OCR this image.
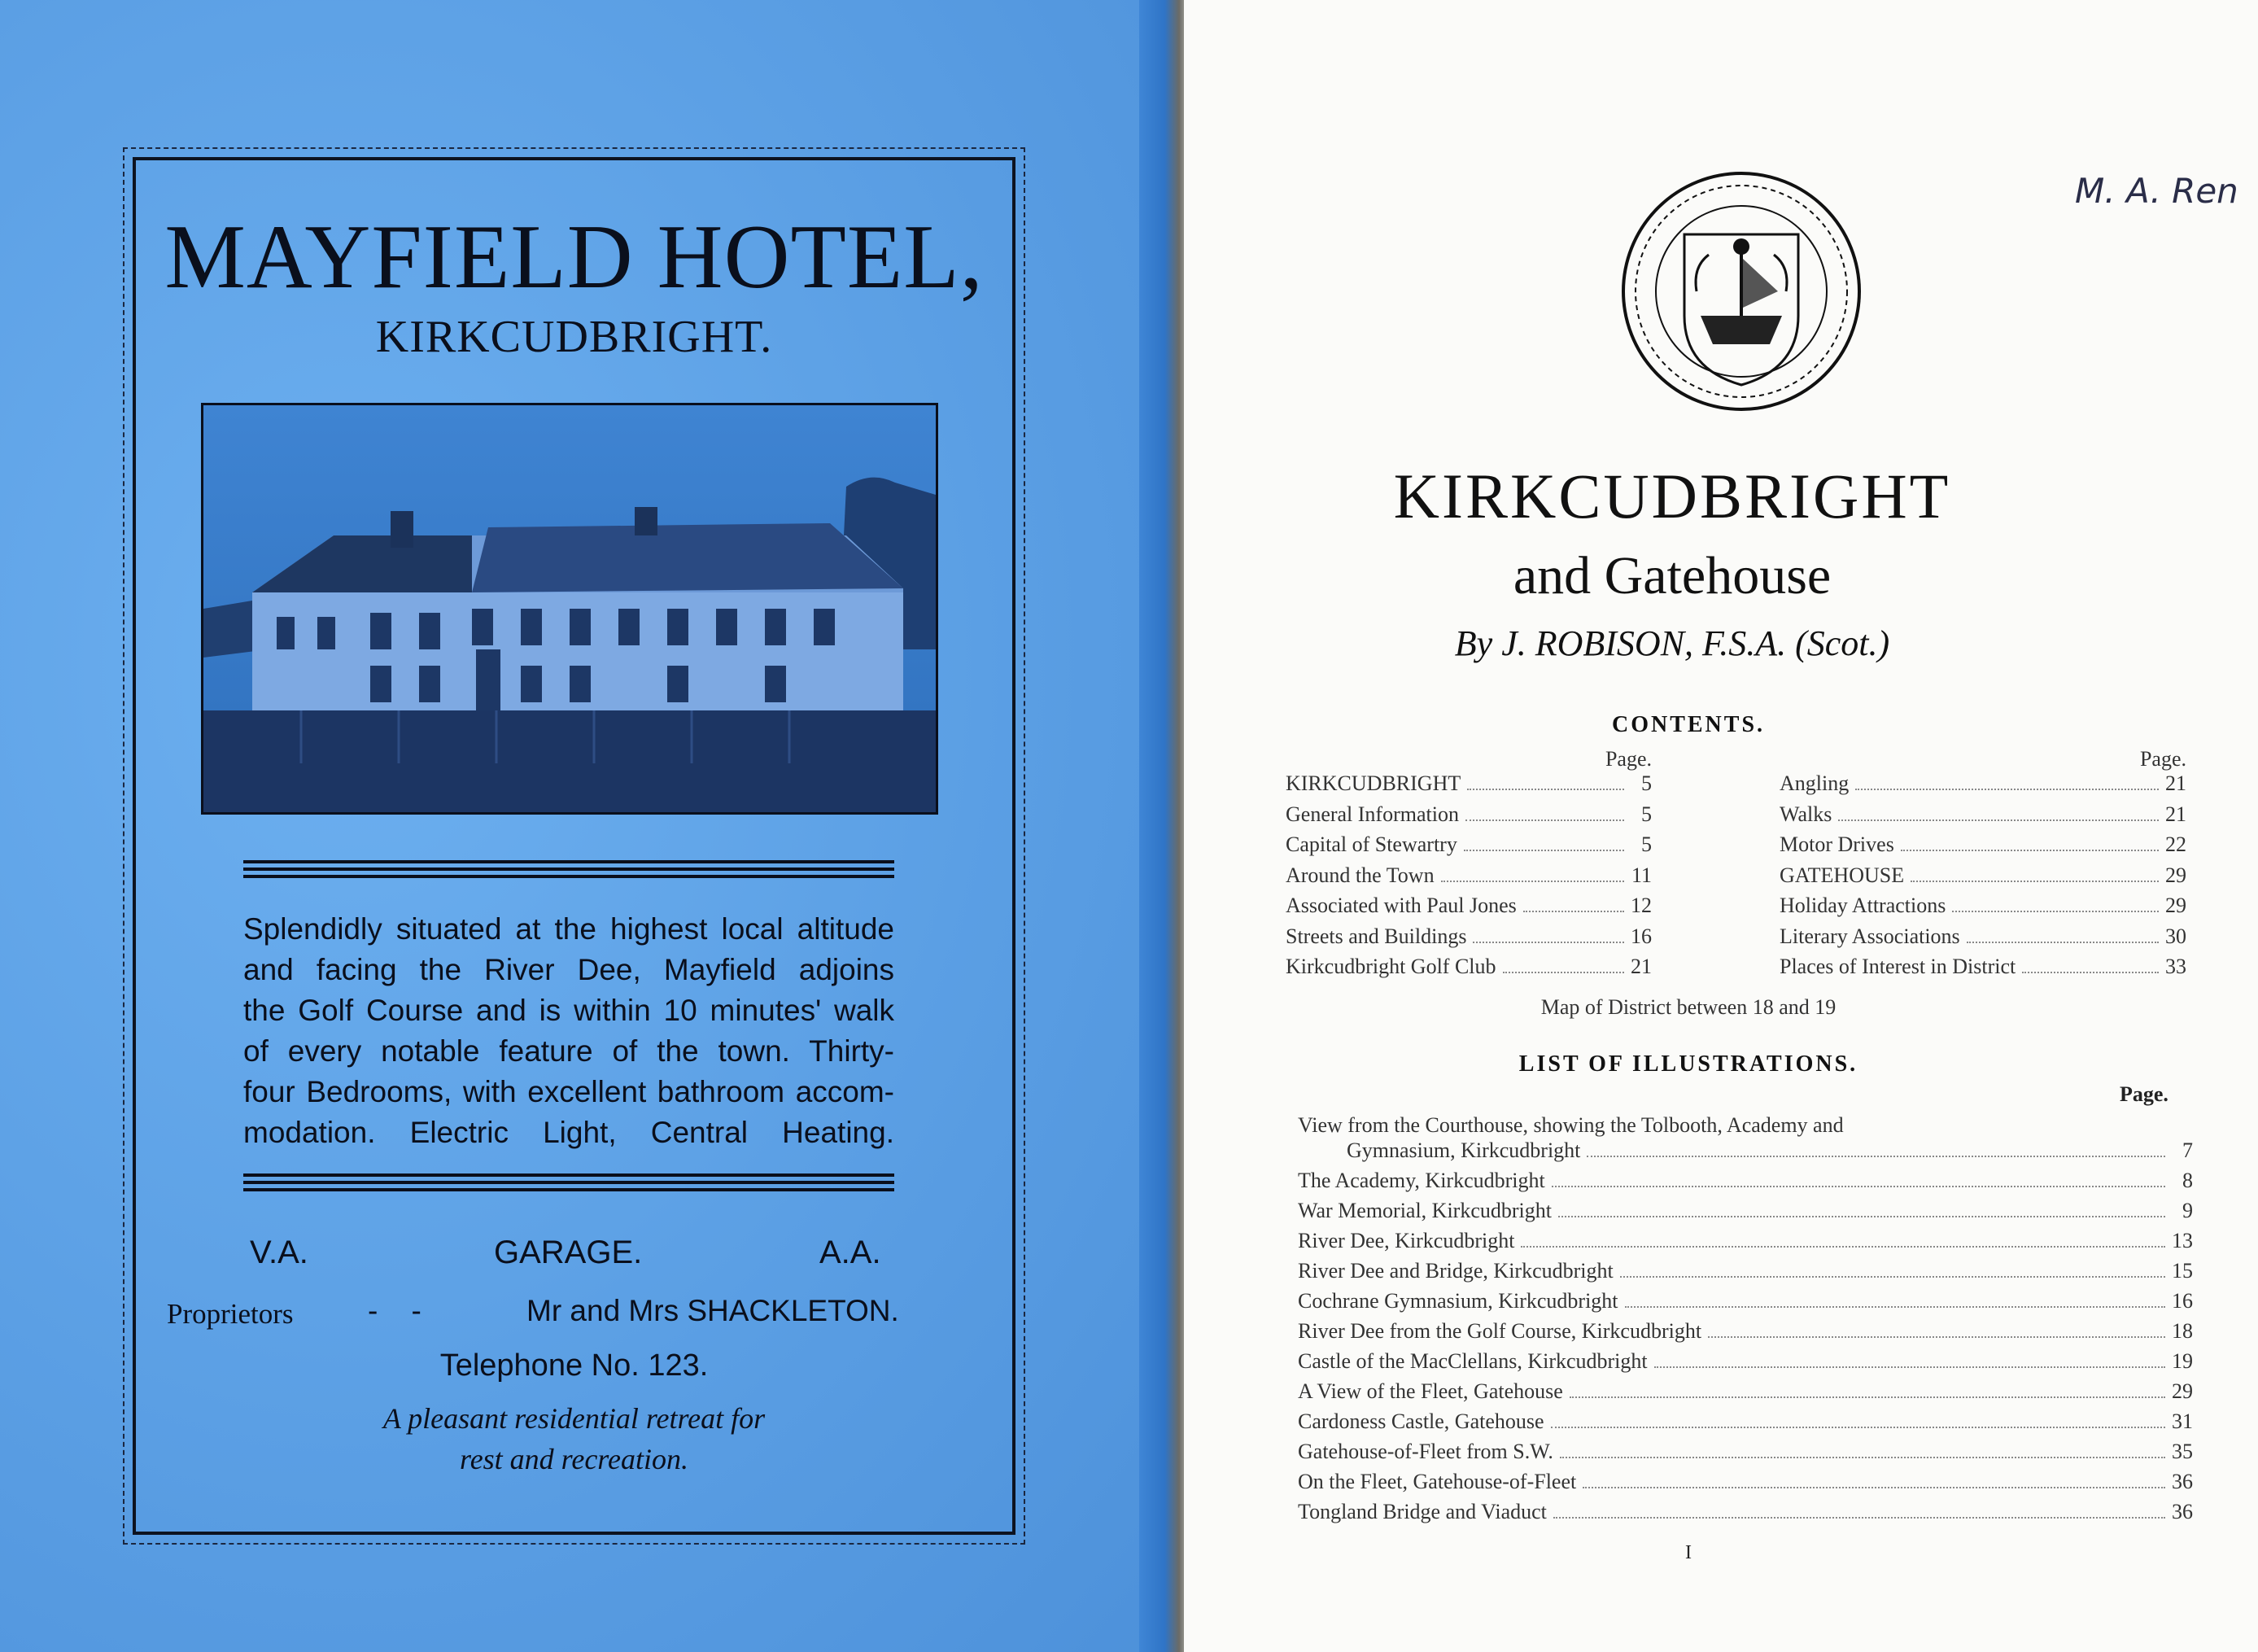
MAYFIELD HOTEL,
KIRKCUDBRIGHT.

Splendidly situated at the highest local altitude

and facing the River Dee, Mayfield adjoins

the Golf Course and is within 10 minutes' walk

of every notable feature of the town. Thirty-

four Bedrooms, with excellent bathroom accom-

modation. Electric Light, Central Heating.

V.A.	GARAGE.	A.A.
Proprietors -    -	Mr and Mrs SHACKLETON.
Telephone No. 123.
A pleasant residential retreat for
rest and recreation.
M. A. Ren
KIRKCUDBRIGHT
and Gatehouse
By J. ROBISON, F.S.A. (Scot.)
CONTENTS.
Page.
KIRKCUDBRIGHT	5
General Information	5
Capital of Stewartry	5
Around the Town	11
Associated with Paul Jones	12
Streets and Buildings	16
Kirkcudbright Golf Club	21
Page.
Angling	21
Walks	21
Motor Drives	22
GATEHOUSE	29
Holiday Attractions	29
Literary Associations	30
Places of Interest in District	33
Map of District between 18 and 19
LIST OF ILLUSTRATIONS.
Page.
View from the Courthouse, showing the Tolbooth, Academy and
Gymnasium, Kirkcudbright	7
The Academy, Kirkcudbright	8
War Memorial, Kirkcudbright	9
River Dee, Kirkcudbright	13
River Dee and Bridge, Kirkcudbright	15
Cochrane Gymnasium, Kirkcudbright	16
River Dee from the Golf Course, Kirkcudbright	18
Castle of the MacClellans, Kirkcudbright	19
A View of the Fleet, Gatehouse	29
Cardoness Castle, Gatehouse	31
Gatehouse-of-Fleet from S.W.	35
On the Fleet, Gatehouse-of-Fleet	36
Tongland Bridge and Viaduct	36
I
